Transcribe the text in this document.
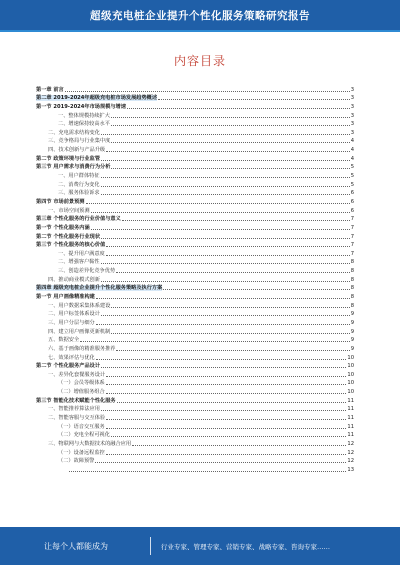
超级充电桩企业提升个性化服务策略研究报告
内容目录
第一章 前言	3
第二章 2019-2024年超级充电桩市场发展趋势概述	3
第一节 2019-2024年市场规模与增速	3
一、整体规模持续扩大	3
二、增速保持较高水平	3
二、充电需求结构变化	3
三、竞争格局与行业集中度	4
四、技术创新与产品升级	4
第二节 政策环境与行业监管	4
第三节 用户需求与消费行为分析	5
一、用户群体特征	5
二、消费行为变化	5
三、服务体验诉求	6
第四节 市场前景预测	6
一、市场空间预测	6
第三章 个性化服务的行业价值与意义	7
第一节 个性化服务内涵	7
第二节 个性化服务行业现状	7
第三节 个性化服务的核心价值	7
一、提升用户满意度	7
二、增强客户黏性	8
三、创造差异化竞争优势	8
四、推动商业模式创新	8
第四章 超级充电桩企业提升个性化服务策略及执行方案	8
第一节 用户画像精准构建	8
一、用户数据采集体系建设	8
二、用户标签体系设计	9
三、用户分层与细分	9
四、建立用户画像更新机制	9
五、数据安全	9
六、基于画像的精准服务推荐	9
七、效果评估与优化	10
第二节 个性化服务产品设计	10
一、差异化套餐服务设计	10
（一）会员等级体系	10
（二）增值服务组合	10
第三节 智能化技术赋能个性化服务	11
一、智能推荐算法应用	11
二、智能客服与交互体验	11
（一）语音交互服务	11
（二）充电全程可视化	11
三、物联网与大数据技术的融合应用	12
（一）设备远程监控	12
（二）故障预警	12
13
让每个人都能成为	行业专家、管理专家、营销专家、战略专家、咨询专家……
